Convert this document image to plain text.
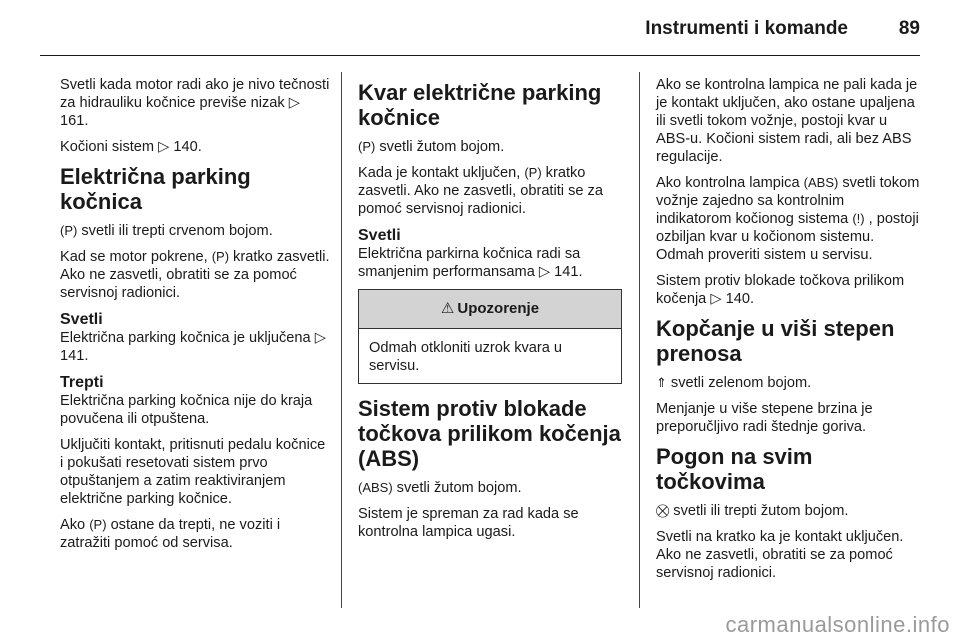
Instrumenti i komande	89

Svetli kada motor radi ako je nivo tečnosti za hidrauliku kočnice previše nizak ▷ 161.

Kočioni sistem ▷ 140.

Električna parking kočnica

(P) svetli ili trepti crvenom bojom.

Kad se motor pokrene, (P) kratko zasvetli. Ako ne zasvetli, obratiti se za pomoć servisnoj radionici.

Svetli

Električna parking kočnica je uključena ▷ 141.

Trepti

Električna parking kočnica nije do kraja povučena ili otpuštena.

Uključiti kontakt, pritisnuti pedalu kočnice i pokušati resetovati sistem prvo otpuštanjem a zatim reaktiviranjem električne parking kočnice.

Ako (P) ostane da trepti, ne voziti i zatražiti pomoć od servisa.

Kvar električne parking kočnice

(P) svetli žutom bojom.

Kada je kontakt uključen, (P) kratko zasvetli. Ako ne zasvetli, obratiti se za pomoć servisnoj radionici.

Svetli

Električna parkirna kočnica radi sa smanjenim performansama ▷ 141.

⚠ Upozorenje
Odmah otkloniti uzrok kvara u servisu.
Sistem protiv blokade točkova prilikom kočenja (ABS)

(ABS) svetli žutom bojom.

Sistem je spreman za rad kada se kontrolna lampica ugasi.

Ako se kontrolna lampica ne pali kada je je kontakt uključen, ako ostane upaljena ili svetli tokom vožnje, postoji kvar u ABS-u. Kočioni sistem radi, ali bez ABS regulacije.

Ako kontrolna lampica (ABS) svetli tokom vožnje zajedno sa kontrolnim indikatorom kočionog sistema (!) , postoji ozbiljan kvar u kočionom sistemu. Odmah proveriti sistem u servisu.

Sistem protiv blokade točkova prilikom kočenja ▷ 140.

Kopčanje u viši stepen prenosa

⇑ svetli zelenom bojom.

Menjanje u više stepene brzina je preporučljivo radi štednje goriva.

Pogon na svim točkovima

⛒ svetli ili trepti žutom bojom.

Svetli na kratko ka je kontakt uključen. Ako ne zasvetli, obratiti se za pomoć servisnoj radionici.

carmanualsonline.info
